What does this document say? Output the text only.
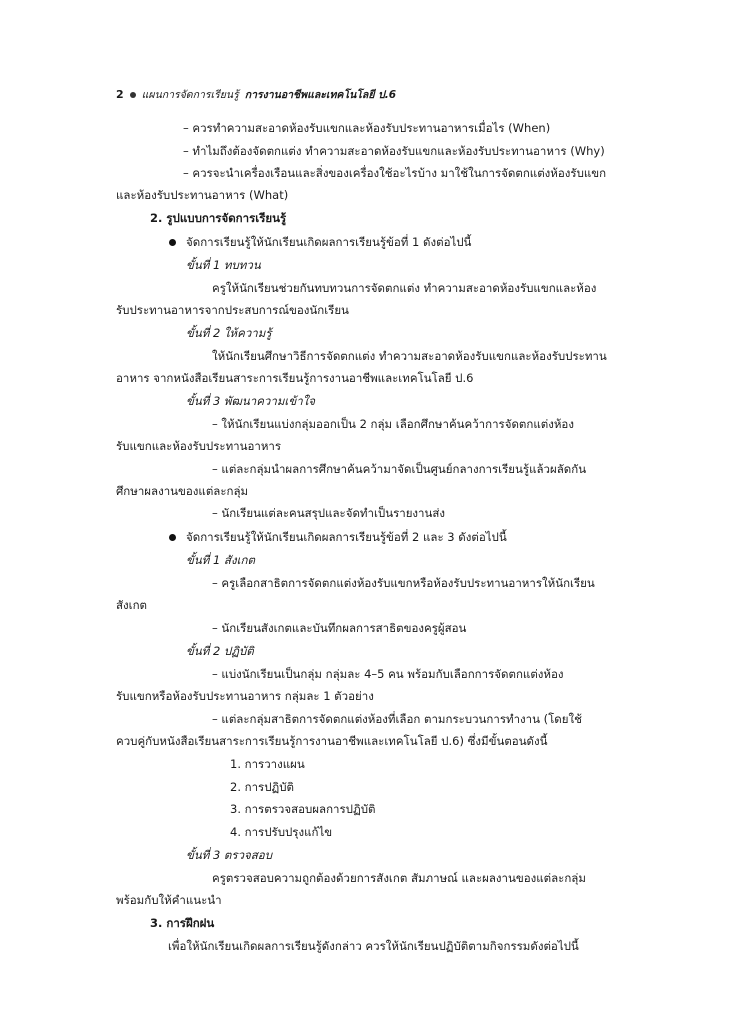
2 แผนการจัดการเรียนรู้ การงานอาชีพและเทคโนโลยี ป.6
– ควรทำความสะอาดห้องรับแขกและห้องรับประทานอาหารเมื่อไร (When)
– ทำไมถึงต้องจัดตกแต่ง ทำความสะอาดห้องรับแขกและห้องรับประทานอาหาร (Why)
– ควรจะนำเครื่องเรือนและสิ่งของเครื่องใช้อะไรบ้าง มาใช้ในการจัดตกแต่งห้องรับแขก
และห้องรับประทานอาหาร (What)
2. รูปแบบการจัดการเรียนรู้
จัดการเรียนรู้ให้นักเรียนเกิดผลการเรียนรู้ข้อที่ 1 ดังต่อไปนี้
ขั้นที่ 1 ทบทวน
ครูให้นักเรียนช่วยกันทบทวนการจัดตกแต่ง ทำความสะอาดห้องรับแขกและห้อง
รับประทานอาหารจากประสบการณ์ของนักเรียน
ขั้นที่ 2 ให้ความรู้
ให้นักเรียนศึกษาวิธีการจัดตกแต่ง ทำความสะอาดห้องรับแขกและห้องรับประทาน
อาหาร จากหนังสือเรียนสาระการเรียนรู้การงานอาชีพและเทคโนโลยี ป.6
ขั้นที่ 3 พัฒนาความเข้าใจ
– ให้นักเรียนแบ่งกลุ่มออกเป็น 2 กลุ่ม เลือกศึกษาค้นคว้าการจัดตกแต่งห้อง
รับแขกและห้องรับประทานอาหาร
– แต่ละกลุ่มนำผลการศึกษาค้นคว้ามาจัดเป็นศูนย์กลางการเรียนรู้แล้วผลัดกัน
ศึกษาผลงานของแต่ละกลุ่ม
– นักเรียนแต่ละคนสรุปและจัดทำเป็นรายงานส่ง
จัดการเรียนรู้ให้นักเรียนเกิดผลการเรียนรู้ข้อที่ 2 และ 3 ดังต่อไปนี้
ขั้นที่ 1 สังเกต
– ครูเลือกสาธิตการจัดตกแต่งห้องรับแขกหรือห้องรับประทานอาหารให้นักเรียน
สังเกต
– นักเรียนสังเกตและบันทึกผลการสาธิตของครูผู้สอน
ขั้นที่ 2 ปฏิบัติ
– แบ่งนักเรียนเป็นกลุ่ม กลุ่มละ 4–5 คน พร้อมกับเลือกการจัดตกแต่งห้อง
รับแขกหรือห้องรับประทานอาหาร กลุ่มละ 1 ตัวอย่าง
– แต่ละกลุ่มสาธิตการจัดตกแต่งห้องที่เลือก ตามกระบวนการทำงาน (โดยใช้
ควบคู่กับหนังสือเรียนสาระการเรียนรู้การงานอาชีพและเทคโนโลยี ป.6) ซึ่งมีขั้นตอนดังนี้
1. การวางแผน
2. การปฏิบัติ
3. การตรวจสอบผลการปฏิบัติ
4. การปรับปรุงแก้ไข
ขั้นที่ 3 ตรวจสอบ
ครูตรวจสอบความถูกต้องด้วยการสังเกต สัมภาษณ์ และผลงานของแต่ละกลุ่ม
พร้อมกับให้คำแนะนำ
3. การฝึกฝน
เพื่อให้นักเรียนเกิดผลการเรียนรู้ดังกล่าว ควรให้นักเรียนปฏิบัติตามกิจกรรมดังต่อไปนี้
